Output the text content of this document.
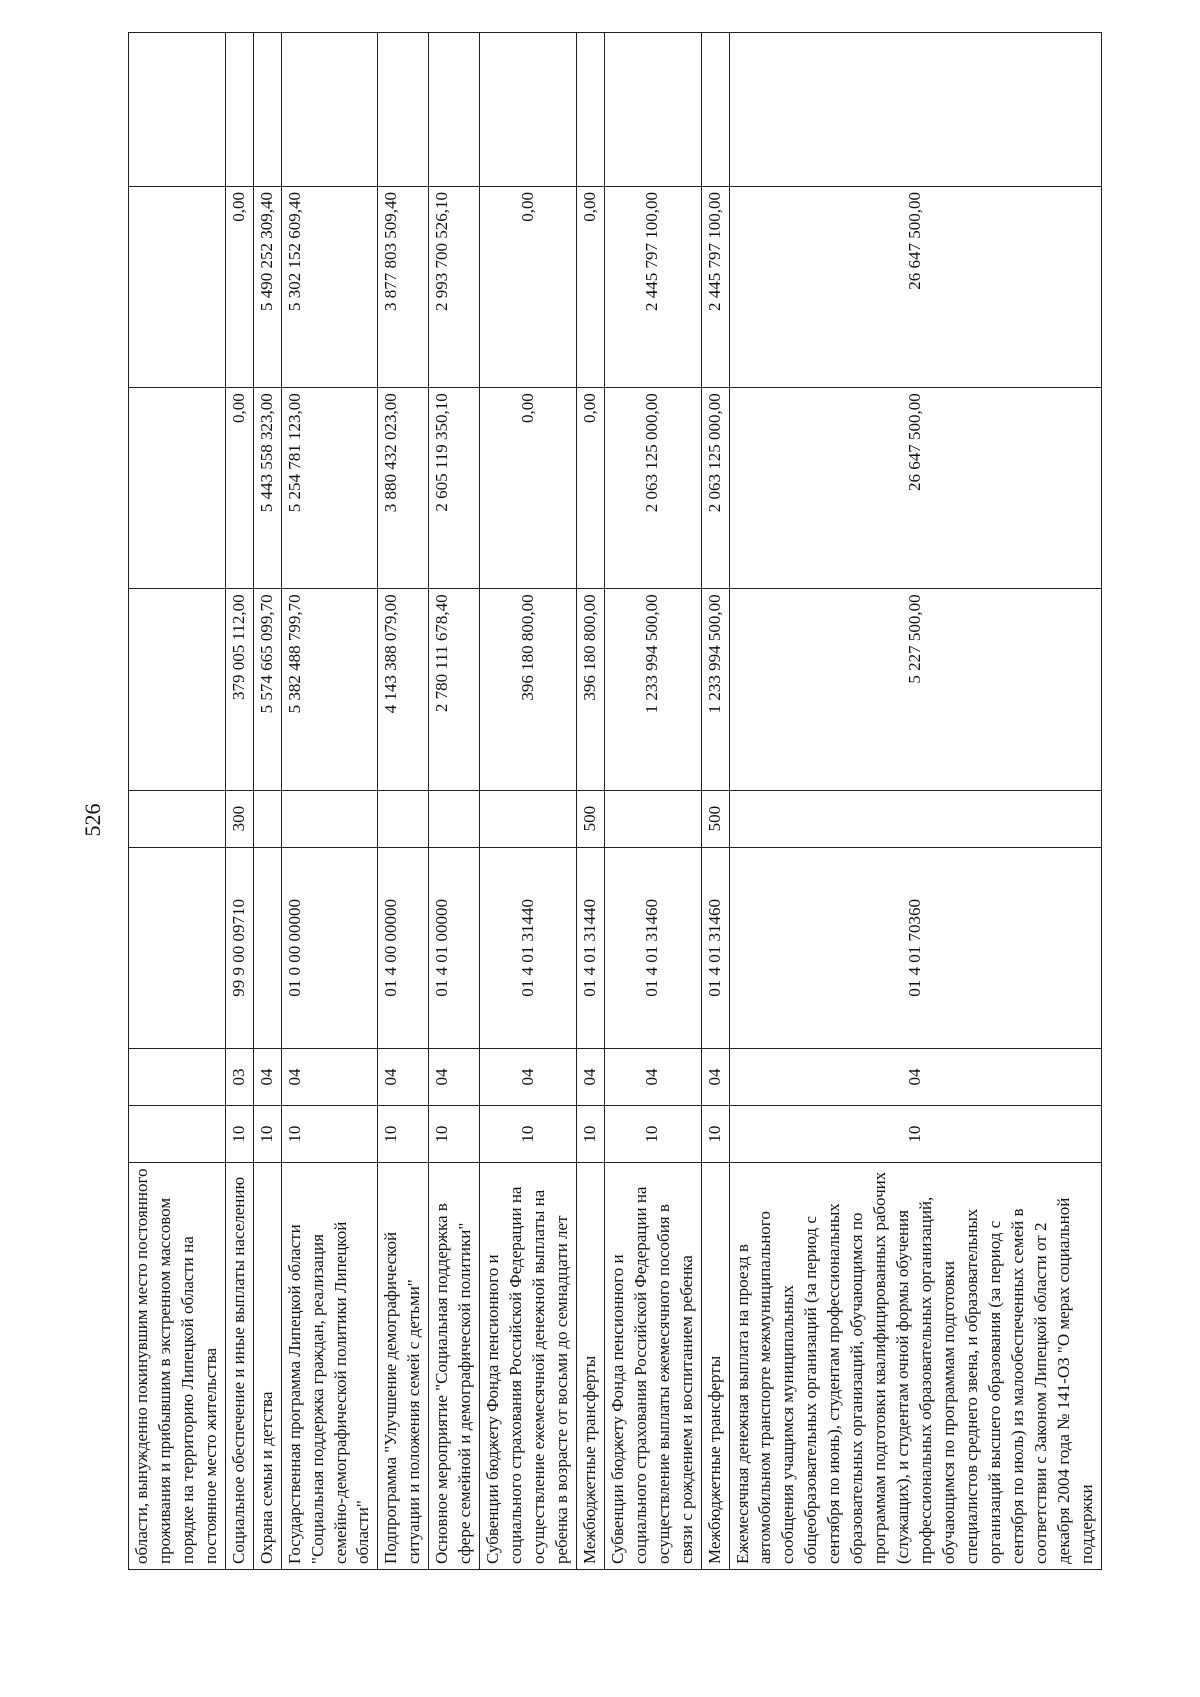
526
области, вынужденно покинувшим место постоянного проживания и прибывшим в экстренном массовом порядке на территорию Липецкой области на постоянное место жительства								
Социальное обеспечение и иные выплаты населению	10	03	99 9 00 09710	300	379 005 112,00	0,00	0,00	
Охрана семьи и детства	10	04			5 574 665 099,70	5 443 558 323,00	5 490 252 309,40	
Государственная программа Липецкой области "Социальная поддержка граждан, реализация семейно-демографической политики Липецкой области"	10	04	01 0 00 00000		5 382 488 799,70	5 254 781 123,00	5 302 152 609,40	
Подпрограмма "Улучшение демографической ситуации и положения семей с детьми"	10	04	01 4 00 00000		4 143 388 079,00	3 880 432 023,00	3 877 803 509,40	
Основное мероприятие "Социальная поддержка в сфере семейной и демографической политики"	10	04	01 4 01 00000		2 780 111 678,40	2 605 119 350,10	2 993 700 526,10	
Субвенции бюджету Фонда пенсионного и социального страхования Российской Федерации на осуществление ежемесячной денежной выплаты на ребенка в возрасте от восьми до семнадцати лет	10	04	01 4 01 31440		396 180 800,00	0,00	0,00	
Межбюджетные трансферты	10	04	01 4 01 31440	500	396 180 800,00	0,00	0,00	
Субвенции бюджету Фонда пенсионного и социального страхования Российской Федерации на осуществление выплаты ежемесячного пособия в связи с рождением и воспитанием ребенка	10	04	01 4 01 31460		1 233 994 500,00	2 063 125 000,00	2 445 797 100,00	
Межбюджетные трансферты	10	04	01 4 01 31460	500	1 233 994 500,00	2 063 125 000,00	2 445 797 100,00	
Ежемесячная денежная выплата на проезд в автомобильном транспорте межмуниципального сообщения учащимся муниципальных общеобразовательных организаций (за период с сентября по июнь), студентам профессиональных образовательных организаций, обучающимся по программам подготовки квалифицированных рабочих (служащих), и студентам очной формы обучения профессиональных образовательных организаций, обучающимся по программам подготовки специалистов среднего звена, и образовательных организаций высшего образования (за период с сентября по июль) из малообеспеченных семей в соответствии с Законом Липецкой области от 2 декабря 2004 года № 141-ОЗ "О мерах социальной поддержки	10	04	01 4 01 70360		5 227 500,00	26 647 500,00	26 647 500,00	
